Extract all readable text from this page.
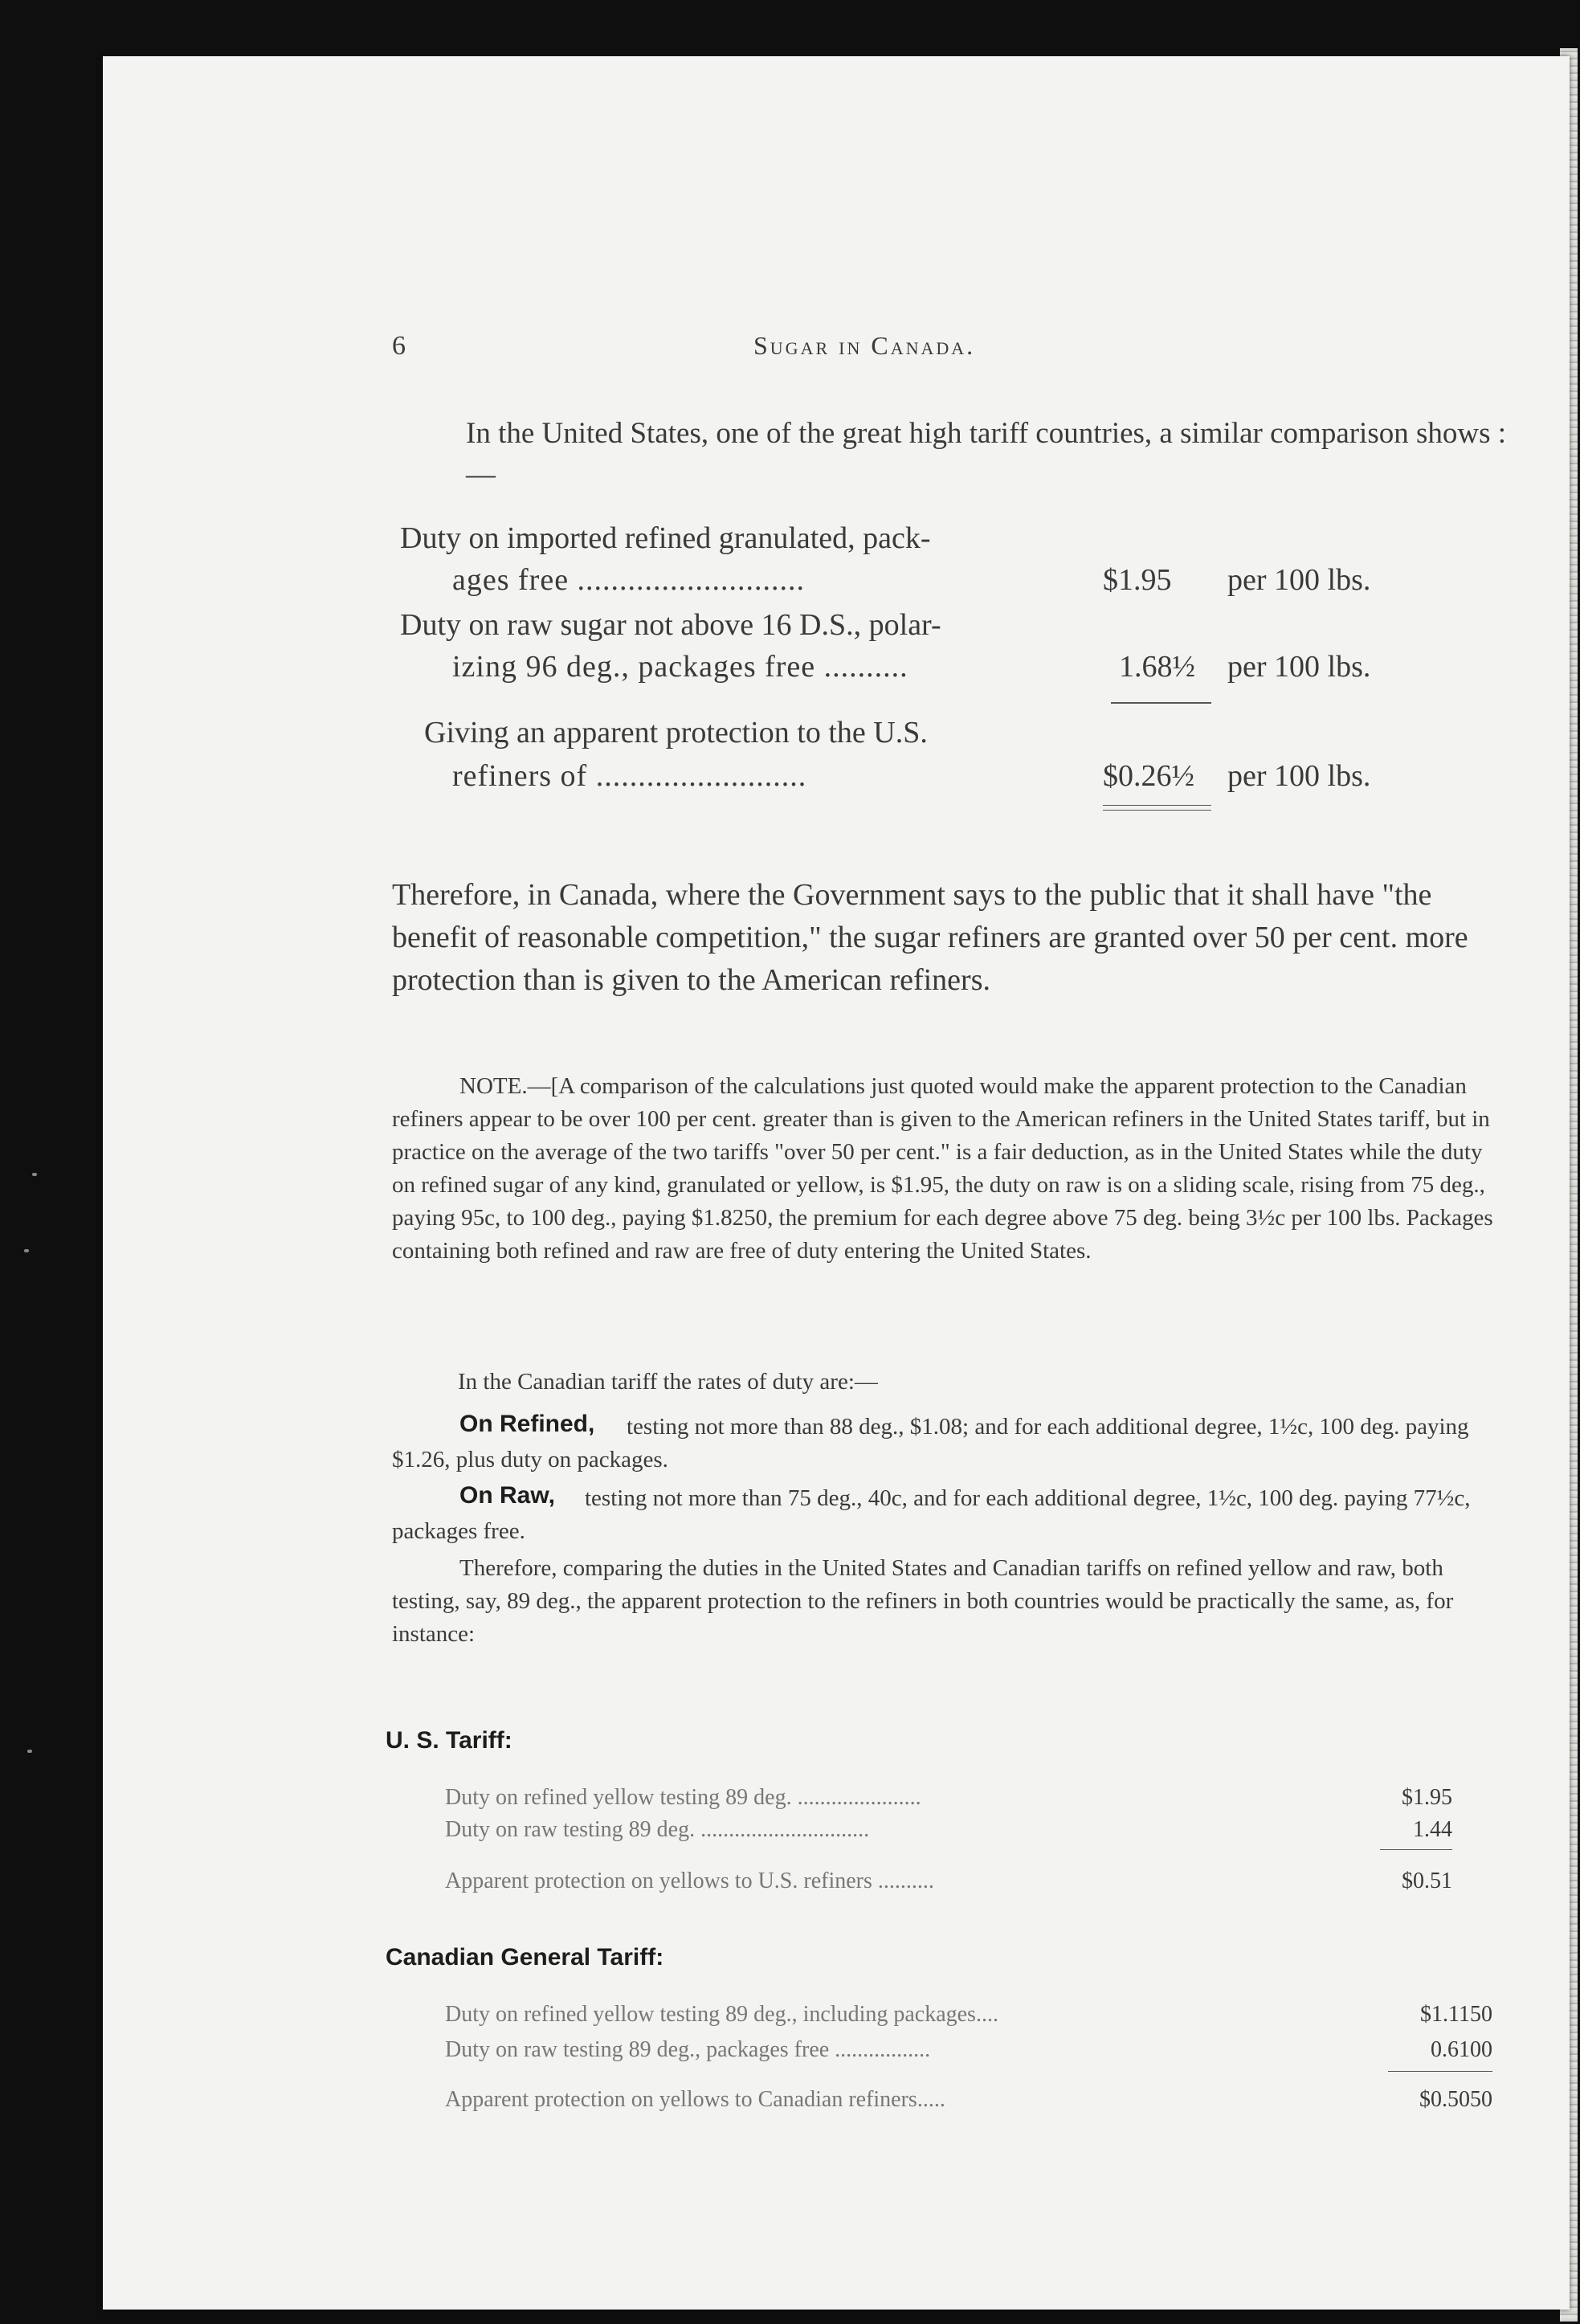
6	Sugar in Canada.
In the United States, one of the great high tariff countries, a similar comparison shows :—
Duty on imported refined granulated, pack-
ages free ...........................	$1.95 per 100 lbs.
Duty on raw sugar not above 16 D.S., polar-
izing 96 deg., packages free ..........	1.68½ per 100 lbs.
Giving an apparent protection to the U.S.
refiners of .........................	$0.26½ per 100 lbs.
Therefore, in Canada, where the Government says to the public that it shall have "the benefit of reasonable competition," the sugar refiners are granted over 50 per cent. more protection than is given to the American refiners.
NOTE.—[A comparison of the calculations just quoted would make the apparent protection to the Canadian refiners appear to be over 100 per cent. greater than is given to the American refiners in the United States tariff, but in practice on the average of the two tariffs "over 50 per cent." is a fair deduction, as in the United States while the duty on refined sugar of any kind, granulated or yellow, is $1.95, the duty on raw is on a sliding scale, rising from 75 deg., paying 95c, to 100 deg., paying $1.8250, the premium for each degree above 75 deg. being 3½c per 100 lbs. Packages containing both refined and raw are free of duty entering the United States.
In the Canadian tariff the rates of duty are:—
On Refined,	testing not more than 88 deg., $1.08; and for each additional degree, 1½c, 100 deg. paying $1.26, plus duty on packages.
On Raw,	testing not more than 75 deg., 40c, and for each additional degree, 1½c, 100 deg. paying 77½c, packages free.
Therefore, comparing the duties in the United States and Canadian tariffs on refined yellow and raw, both testing, say, 89 deg., the apparent protection to the refiners in both countries would be practically the same, as, for instance:
U. S. Tariff:
Duty on refined yellow testing 89 deg. ......................	$1.95
Duty on raw testing 89 deg. ..............................	1.44
Apparent protection on yellows to U.S. refiners ..........	$0.51
Canadian General Tariff:
Duty on refined yellow testing 89 deg., including packages....	$1.1150
Duty on raw testing 89 deg., packages free .................	0.6100
Apparent protection on yellows to Canadian refiners.....	$0.5050
